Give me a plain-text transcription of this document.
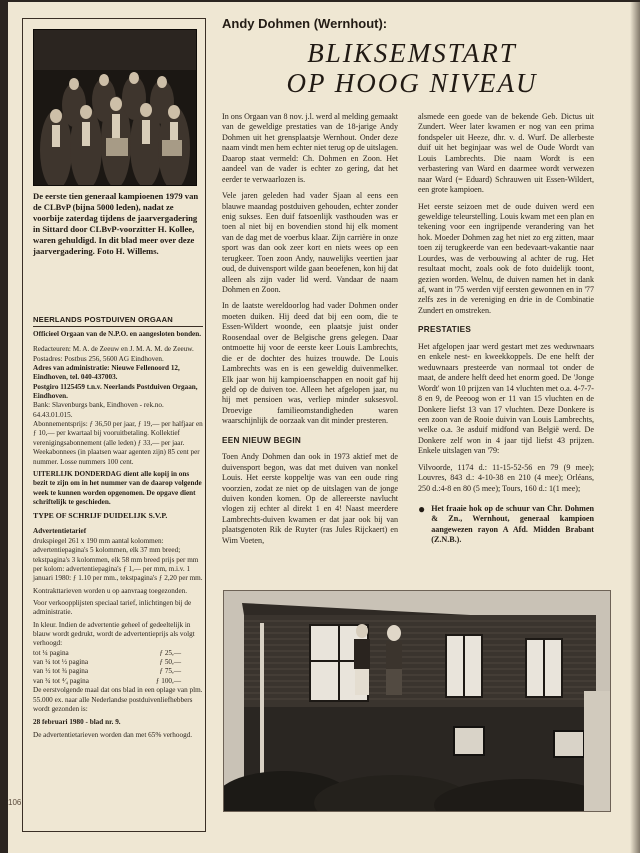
De eerste tien generaal kampioenen 1979 van de CLBvP (bijna 5000 leden), nadat ze voorbije zaterdag tijdens de jaarvergadering in Sittard door CLBvP-voorzitter H. Kollee, waren gehuldigd. In dit blad meer over deze jaarvergadering. Foto H. Willems.
NEERLANDS POSTDUIVEN ORGAAN
Officieel Orgaan van de N.P.O. en aangesloten bonden.
Redacteuren: M. A. de Zeeuw en J. M. A. M. de Zeeuw. Postadres: Postbus 256, 5600 AG Eindhoven.
Adres van administratie: Nieuwe Fellenoord 12, Eindhoven, tel. 040-437003.
Postgiro 1125459 t.n.v. Neerlands Postduiven Orgaan, Eindhoven.
Bank: Slavenburgs bank, Eindhoven - rek.no. 64.43.01.015.
Abonnementsprijs: ƒ 36,50 per jaar, ƒ 19,— per halfjaar en ƒ 10,— per kwartaal bij vooruitbetaling. Kollektief verenigingsabonnement (alle leden) ƒ 33,— per jaar. Weekabonnees (in plaatsen waar agenten zijn) 85 cent per nummer. Losse nummers 100 cent.
UITERLIJK DONDERDAG dient alle kopij in ons bezit te zijn om in het nummer van de daarop volgende week te kunnen worden opgenomen. De opgave dient schriftelijk te geschieden.
TYPE OF SCHRIJF DUIDELIJK S.V.P.
Advertentietarief
drukspiegel 261 x 190 mm aantal kolommen: advertentiepagina's 5 kolommen, elk 37 mm breed; tekstpagina's 3 kolommen, elk 58 mm breed prijs per mm per kolom: advertentiepagina's ƒ 1,— per mm, m.i.v. 1 januari 1980: ƒ 1.10 per mm., tekstpagina's ƒ 2,20 per mm.
Kontrakttarieven worden u op aanvraag toegezonden.
Voor verkoopplijsten speciaal tarief, inlichtingen bij de administratie.
In kleur. Indien de advertentie geheel of gedeeltelijk in blauw wordt gedrukt, wordt de advertentieprijs als volgt verhoogd:
tot ¼ pagina	ƒ 25,—
van ¼ tot ½ pagina	ƒ 50,—
van ½ tot ¾ pagina	ƒ 75,—
van ¾ tot ⁴⁄₄ pagina	ƒ 100,—
De eerstvolgende maal dat ons blad in een oplage van plm. 55.000 ex. naar alle Nederlandse postduivenliefhebbers wordt gezonden is:
28 februari 1980 - blad nr. 9.
De advertentietarieven worden dan met 65% verhoogd.
Andy Dohmen (Wernhout):
BLIKSEMSTART
OP HOOG NIVEAU

In ons Orgaan van 8 nov. j.l. werd al melding gemaakt van de geweldige prestaties van de 18-jarige Andy Dohmen uit het grensplaatsje Wernhout. Onder deze naam vindt men hem echter niet terug op de uitslagen. Daarop staat vermeld: Ch. Dohmen en Zoon. Het aandeel van de vader is echter zo gering, dat het eerder te verwaarlozen is.

Vele jaren geleden had vader Sjaan al eens een blauwe maandag postduiven gehouden, echter zonder enig sukses. Een duif fatsoenlijk vasthouden was er toen al niet bij en bovendien stond hij elk moment van de dag met de voerbus klaar. Zijn carrière in onze sport was dan ook zeer kort en niets wees op een terugkeer. Toen zoon Andy, nauwelijks veertien jaar oud, de duivensport wilde gaan beoefenen, kon hij dat alleen als zijn vader lid werd. Vandaar de naam Dohmen en Zoon.

In de laatste wereldoorlog had vader Dohmen onder moeten duiken. Hij deed dat bij een oom, die te Essen-Wildert woonde, een plaatsje juist onder Roosendaal over de Belgische grens gelegen. Daar ontmoette hij voor de eerste keer Louis Lambrechts, die er de dochter des huizes trouwde. De Louis Lambrechts was en is een geweldig duivenmelker. Elk jaar won hij kampioenschappen en nooit gaf hij geld op de duiven toe. Alleen het afgelopen jaar, nu hij met pensioen was, verliep minder suksesvol. Droevige familieomstandigheden waren waarschijnlijk de oorzaak van dit minder presteren.

EEN NIEUW BEGIN

Toen Andy Dohmen dan ook in 1973 aktief met de duivensport begon, was dat met duiven van nonkel Louis. Het eerste koppeltje was van een oude ring voorzien, zodat ze niet op de uitslagen van de jonge duiven konden komen. Op de allereerste navlucht vlogen zij echter al direkt 1 en 4! Naast meerdere Lambrechts-duiven kwamen er dat jaar ook bij van plaatsgenoten Rik de Ruyter (ras Jules Rijckaert) en Wim Voeten,

alsmede een goede van de bekende Geb. Dictus uit Zundert. Weer later kwamen er nog van een prima fondspeler uit Heeze, dhr. v. d. Wurf. De allerbeste duif uit het beginjaar was wel de Oude Wordt van Louis Lambrechts. Die naam Wordt is een verbastering van Ward en daarmee wordt verwezen naar Ward (= Eduard) Schrauwen uit Essen-Wildert, een grote kampioen.

Het eerste seizoen met de oude duiven werd een geweldige teleurstelling. Louis kwam met een plan en tekening voor een ingrijpende verandering van het hok. Moeder Dohmen zag het niet zo erg zitten, maar toen zij terugkeerde van een bedevaart-vakantie naar Lourdes, was de verbouwing al achter de rug. Het resultaat mocht, zoals ook de foto duidelijk toont, gezien worden. Welnu, de duiven namen het in dank af, want in '75 werden vijf eersten gewonnen en in '77 zelfs zes in de vereniging en drie in de Combinatie Zundert en omstreken.

PRESTATIES

Het afgelopen jaar werd gestart met zes weduwnaars en enkele nest- en kweekkoppels. De ene helft der weduwnaars presteerde van normaal tot onder de maat, de andere helft deed het enorm goed. De 'Jonge Wordt' won 10 prijzen van 14 vluchten met o.a. 4-7-7-8 en 9, de Peeoog won er 11 van 15 vluchten en de Donkere liefst 13 van 17 vluchten. Deze Donkere is een zoon van de Rooie duivin van Louis Lambrechts, welke o.a. 3e asduif midfond van België werd. De Donkere zelf won in 4 jaar tijd liefst 43 prijzen. Enkele uitslagen van '79:

Vilvoorde, 1174 d.: 11-15-52-56 en 79 (9 mee); Louvres, 843 d.: 4-10-38 en 210 (4 mee); Orléans, 250 d.:4-8 en 80 (5 mee); Tours, 160 d.: 1(1 mee);

● Het fraaie hok op de schuur van Chr. Dohmen & Zn., Wernhout, generaal kampioen aangewezen rayon A Afd. Midden Brabant (Z.N.B.).
106
